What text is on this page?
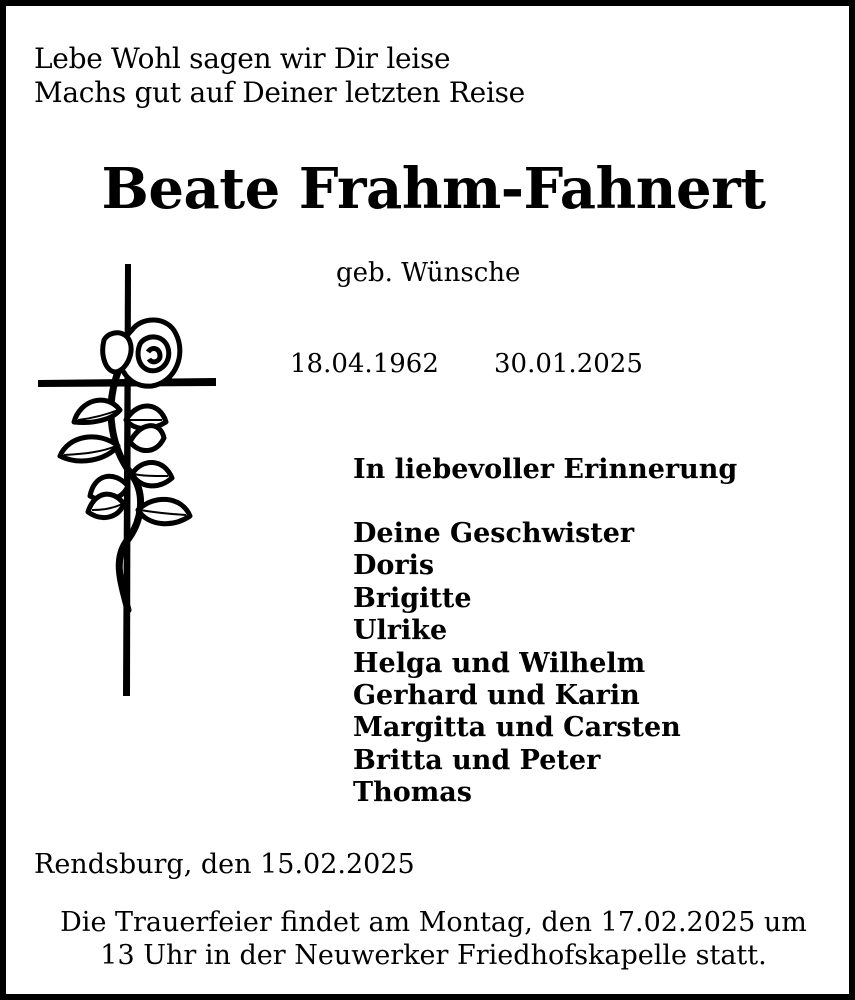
Lebe Wohl sagen wir Dir leise
Machs gut auf Deiner letzten Reise
Beate Frahm-Fahnert
geb. Wünsche
18.04.1962 30.01.2025
In liebevoller Erinnerung
Deine Geschwister
Doris
Brigitte
Ulrike
Helga und Wilhelm
Gerhard und Karin
Margitta und Carsten
Britta und Peter
Thomas
Rendsburg, den 15.02.2025
Die Trauerfeier findet am Montag, den 17.02.2025 um
13 Uhr in der Neuwerker Friedhofskapelle statt.
